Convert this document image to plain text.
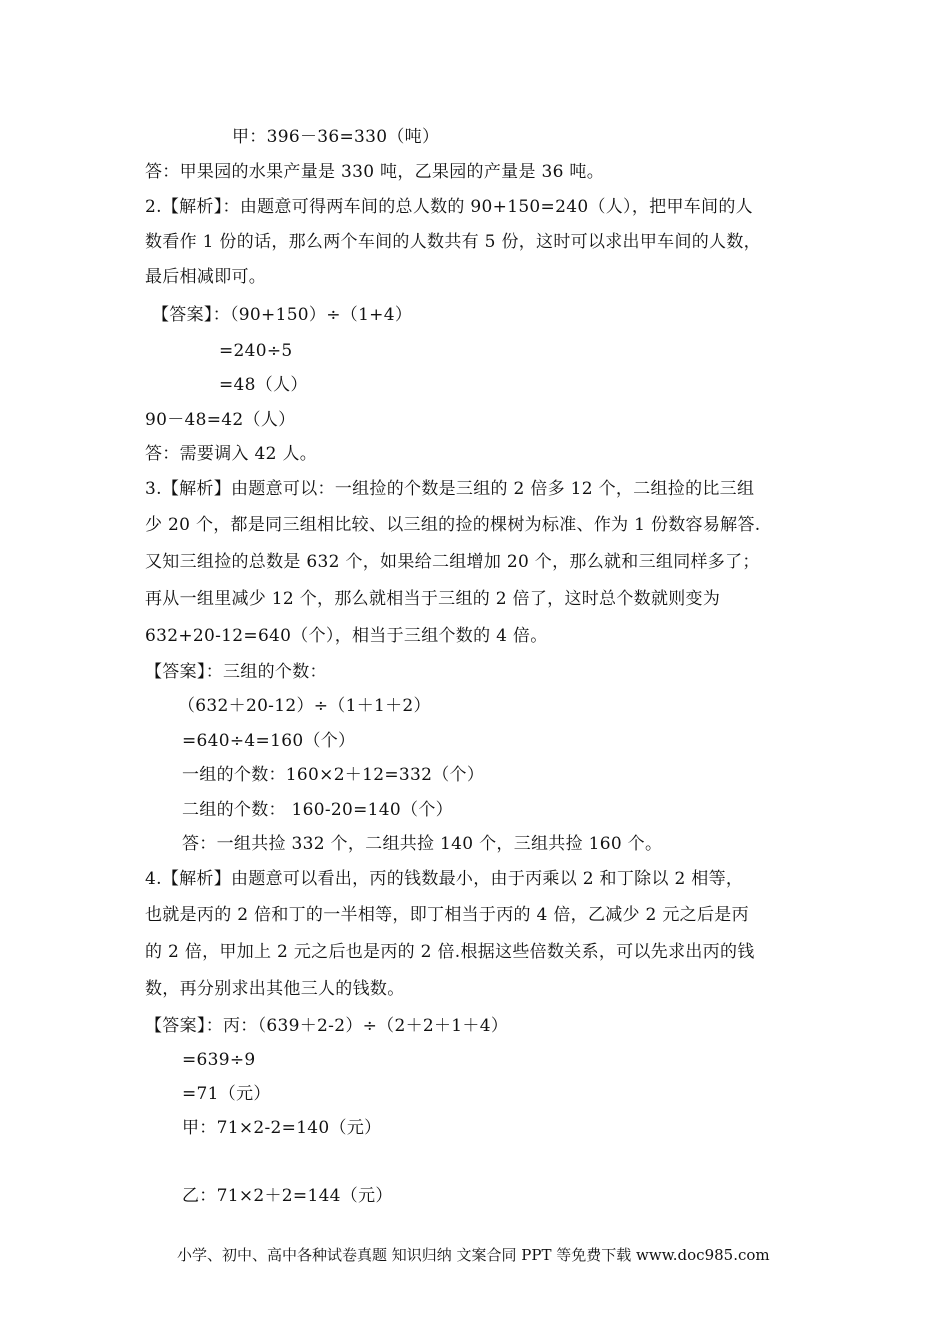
甲：396－36=330（吨）
答：甲果园的水果产量是 330 吨，乙果园的产量是 36 吨。
2.【解析】：由题意可得两车间的总人数的 90+150=240（人），把甲车间的人
数看作 1 份的话，那么两个车间的人数共有 5 份，这时可以求出甲车间的人数，
最后相减即可。
【答案】：（90+150）÷（1+4）
=240÷5
=48（人）
90－48=42（人）
答：需要调入 42 人。
3.【解析】由题意可以：一组捡的个数是三组的 2 倍多 12 个，二组捡的比三组
少 20 个，都是同三组相比较、以三组的捡的棵树为标准、作为 1 份数容易解答.
又知三组捡的总数是 632 个，如果给二组增加 20 个，那么就和三组同样多了；
再从一组里减少 12 个，那么就相当于三组的 2 倍了，这时总个数就则变为
632+20-12=640（个），相当于三组个数的 4 倍。
【答案】：三组的个数：
（632＋20-12）÷（1＋1＋2）
=640÷4=160（个）
一组的个数：160×2＋12=332（个）
二组的个数： 160-20=140（个）
答：一组共捡 332 个，二组共捡 140 个，三组共捡 160 个。
4.【解析】由题意可以看出，丙的钱数最小，由于丙乘以 2 和丁除以 2 相等，
也就是丙的 2 倍和丁的一半相等，即丁相当于丙的 4 倍，乙减少 2 元之后是丙
的 2 倍，甲加上 2 元之后也是丙的 2 倍.根据这些倍数关系，可以先求出丙的钱
数，再分别求出其他三人的钱数。
【答案】：丙：（639＋2-2）÷（2＋2＋1＋4）
=639÷9
=71（元）
甲：71×2-2=140（元）
乙：71×2＋2=144（元）
小学、初中、高中各种试卷真题 知识归纳 文案合同 PPT 等免费下载 www.doc985.com
